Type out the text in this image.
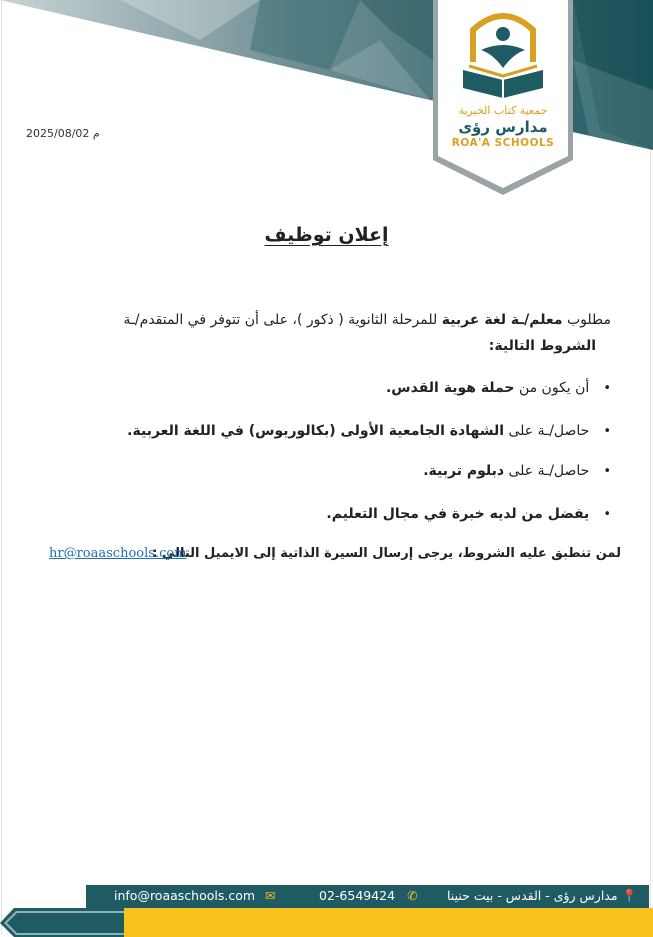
جمعية كتاب الخيرية
مدارس رؤى
ROA'A SCHOOLS
2025/08/02 م
إعلان توظيف
مطلوب معلم/ـة لغة عربية للمرحلة الثانوية ( ذكور )، على أن تتوفر في المتقدم/ـة
الشروط التالية:
•أن يكون من حملة هوية القدس.
•حاصل/ـة على الشهادة الجامعية الأولى (بكالوريوس) في اللغة العربية.
•حاصل/ـة على دبلوم تربية.
•يفضل من لديه خبرة في مجال التعليم.
لمن تنطبق عليه الشروط، يرجى إرسال السيرة الذاتية إلى الايميل التالي :
hr@roaaschools.com
📍 مدارس رؤى - القدس - بيت حنينا
02-6549424 ✆
info@roaaschools.com ✉
